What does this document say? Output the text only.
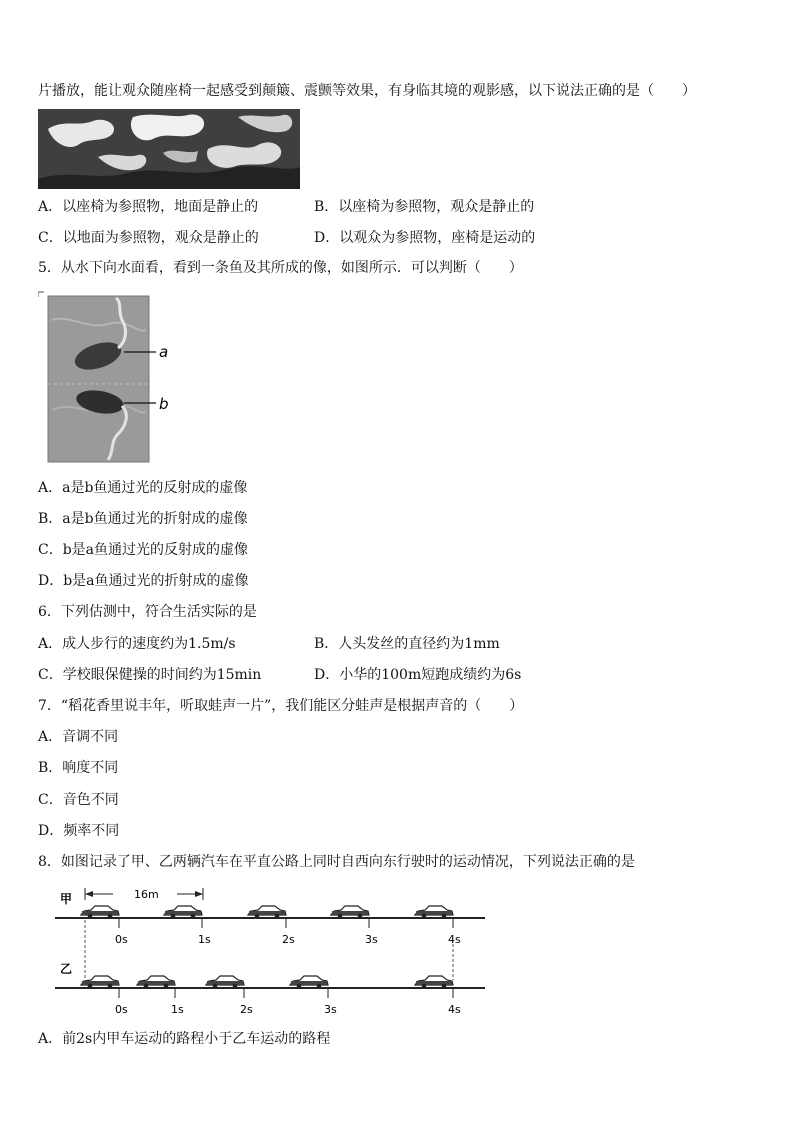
片播放，能让观众随座椅一起感受到颠簸、震颤等效果，有身临其境的观影感，以下说法正确的是（　　）
A．以座椅为参照物，地面是静止的	B．以座椅为参照物，观众是静止的
C．以地面为参照物，观众是静止的	D．以观众为参照物，座椅是运动的
5．从水下向水面看，看到一条鱼及其所成的像，如图所示．可以判断（　　）
a
b
A．a是b鱼通过光的反射成的虚像
B．a是b鱼通过光的折射成的虚像
C．b是a鱼通过光的反射成的虚像
D．b是a鱼通过光的折射成的虚像
6．下列估测中，符合生活实际的是
A．成人步行的速度约为1.5m/s	B．人头发丝的直径约为1mm
C．学校眼保健操的时间约为15min	D．小华的100m短跑成绩约为6s
7．“稻花香里说丰年，听取蛙声一片”，我们能区分蛙声是根据声音的（　　）
A．音调不同
B．响度不同
C．音色不同
D．频率不同
8．如图记录了甲、乙两辆汽车在平直公路上同时自西向东行驶时的运动情况，下列说法正确的是
甲	16m
0s	1s	2s	3s	4s
乙
0s	1s	2s	3s	4s
A．前2s内甲车运动的路程小于乙车运动的路程
